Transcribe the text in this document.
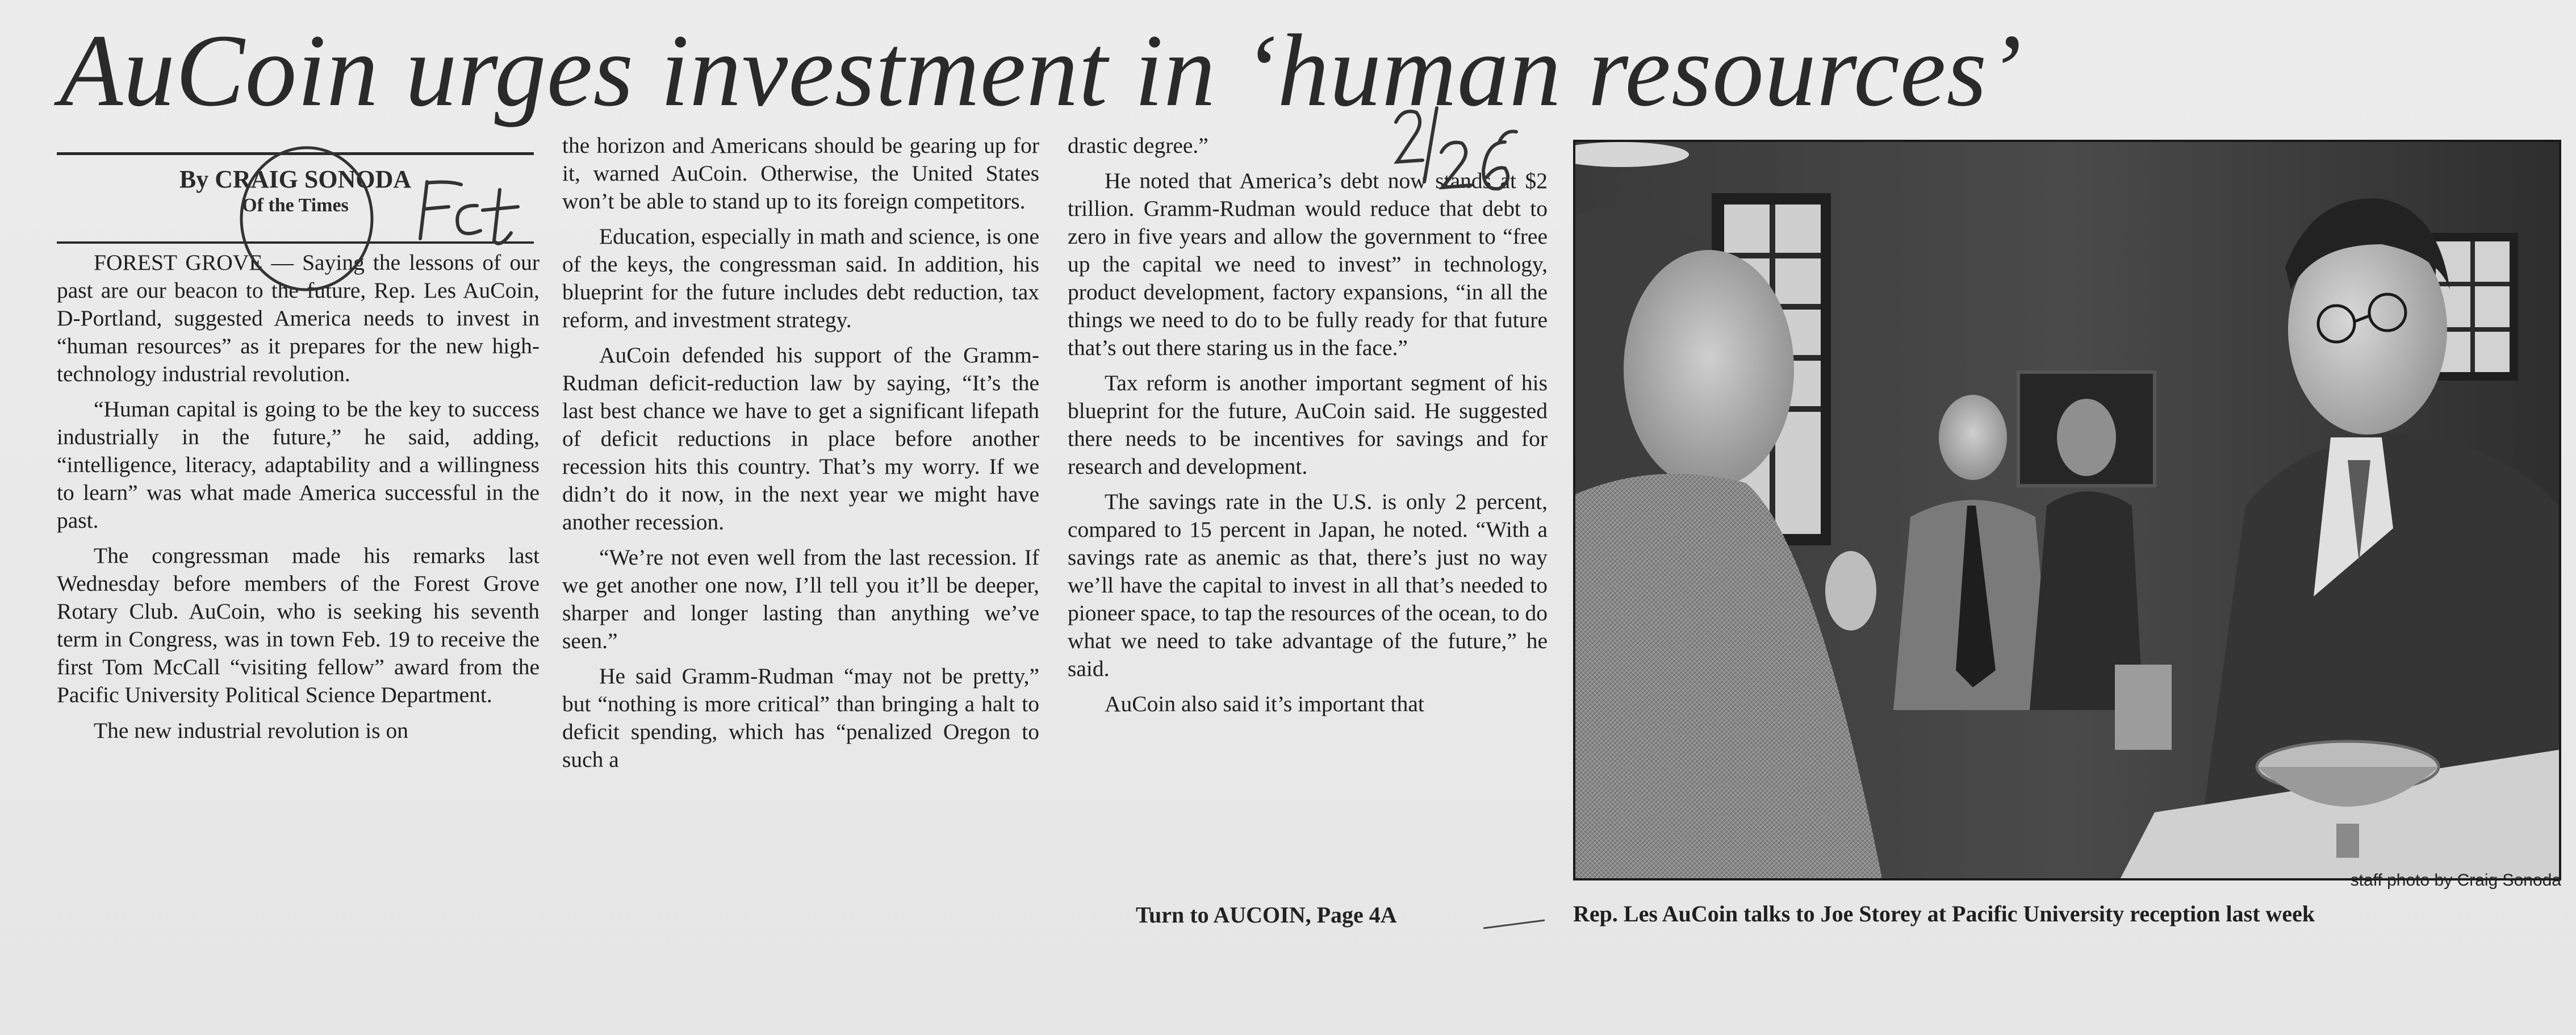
AuCoin urges investment in ‘human resources’
By CRAIG SONODA
Of the Times

FOREST GROVE — Saying the lessons of our past are our beacon to the future, Rep. Les AuCoin, D-Portland, suggested America needs to invest in “human resources” as it prepares for the new high-technology industrial revolution.

“Human capital is going to be the key to success industrially in the future,” he said, adding, “intelligence, literacy, adaptability and a willingness to learn” was what made America successful in the past.

The congressman made his remarks last Wednesday before members of the Forest Grove Rotary Club. AuCoin, who is seeking his seventh term in Congress, was in town Feb. 19 to receive the first Tom McCall “visiting fellow” award from the Pacific University Political Science Department.

The new industrial revolution is on

the horizon and Americans should be gearing up for it, warned AuCoin. Otherwise, the United States won’t be able to stand up to its foreign competitors.

Education, especially in math and science, is one of the keys, the congressman said. In addition, his blueprint for the future includes debt reduction, tax reform, and investment strategy.

AuCoin defended his support of the Gramm-Rudman deficit-reduction law by saying, “It’s the last best chance we have to get a significant lifepath of deficit reductions in place before another recession hits this country. That’s my worry. If we didn’t do it now, in the next year we might have another recession.

“We’re not even well from the last recession. If we get another one now, I’ll tell you it’ll be deeper, sharper and longer lasting than anything we’ve seen.”

He said Gramm-Rudman “may not be pretty,” but “nothing is more critical” than bringing a halt to deficit spending, which has “penalized Oregon to such a

drastic degree.”

He noted that America’s debt now stands at $2 trillion. Gramm-Rudman would reduce that debt to zero in five years and allow the government to “free up the capital we need to invest” in technology, product development, factory expansions, “in all the things we need to do to be fully ready for that future that’s out there staring us in the face.”

Tax reform is another important segment of his blueprint for the future, AuCoin said. He suggested there needs to be incentives for savings and for research and development.

The savings rate in the U.S. is only 2 percent, compared to 15 percent in Japan, he noted. “With a savings rate as anemic as that, there’s just no way we’ll have the capital to invest in all that’s needed to pioneer space, to tap the resources of the ocean, to do what we need to take advantage of the future,” he said.

AuCoin also said it’s important that

Turn to AUCOIN, Page 4A
staff photo by Craig Sonoda
Rep. Les AuCoin talks to Joe Storey at Pacific University reception last week
